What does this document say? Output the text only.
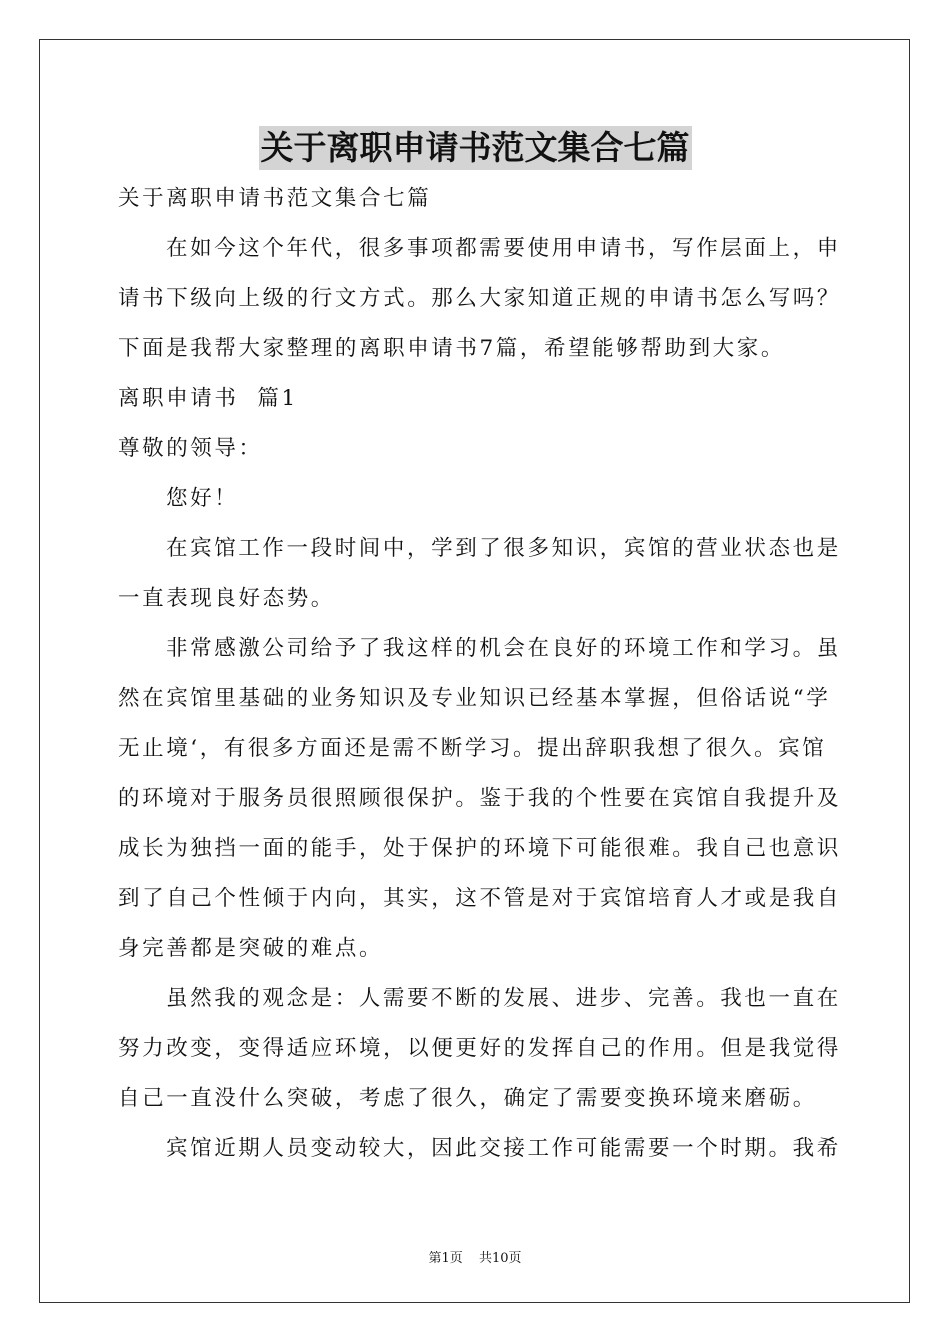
关于离职申请书范文集合七篇
关于离职申请书范文集合七篇
在如今这个年代，很多事项都需要使用申请书，写作层面上，申
请书下级向上级的行文方式。那么大家知道正规的申请书怎么写吗？
下面是我帮大家整理的离职申请书7篇，希望能够帮助到大家。
离职申请书  篇1
尊敬的领导：
您好！
在宾馆工作一段时间中，学到了很多知识，宾馆的营业状态也是
一直表现良好态势。
非常感激公司给予了我这样的机会在良好的环境工作和学习。虽
然在宾馆里基础的业务知识及专业知识已经基本掌握，但俗话说“学
无止境‘，有很多方面还是需不断学习。提出辞职我想了很久。宾馆
的环境对于服务员很照顾很保护。鉴于我的个性要在宾馆自我提升及
成长为独挡一面的能手，处于保护的环境下可能很难。我自己也意识
到了自己个性倾于内向，其实，这不管是对于宾馆培育人才或是我自
身完善都是突破的难点。
虽然我的观念是：人需要不断的发展、进步、完善。我也一直在
努力改变，变得适应环境，以便更好的发挥自己的作用。但是我觉得
自己一直没什么突破，考虑了很久，确定了需要变换环境来磨砺。
宾馆近期人员变动较大，因此交接工作可能需要一个时期。我希
第1页 共10页
